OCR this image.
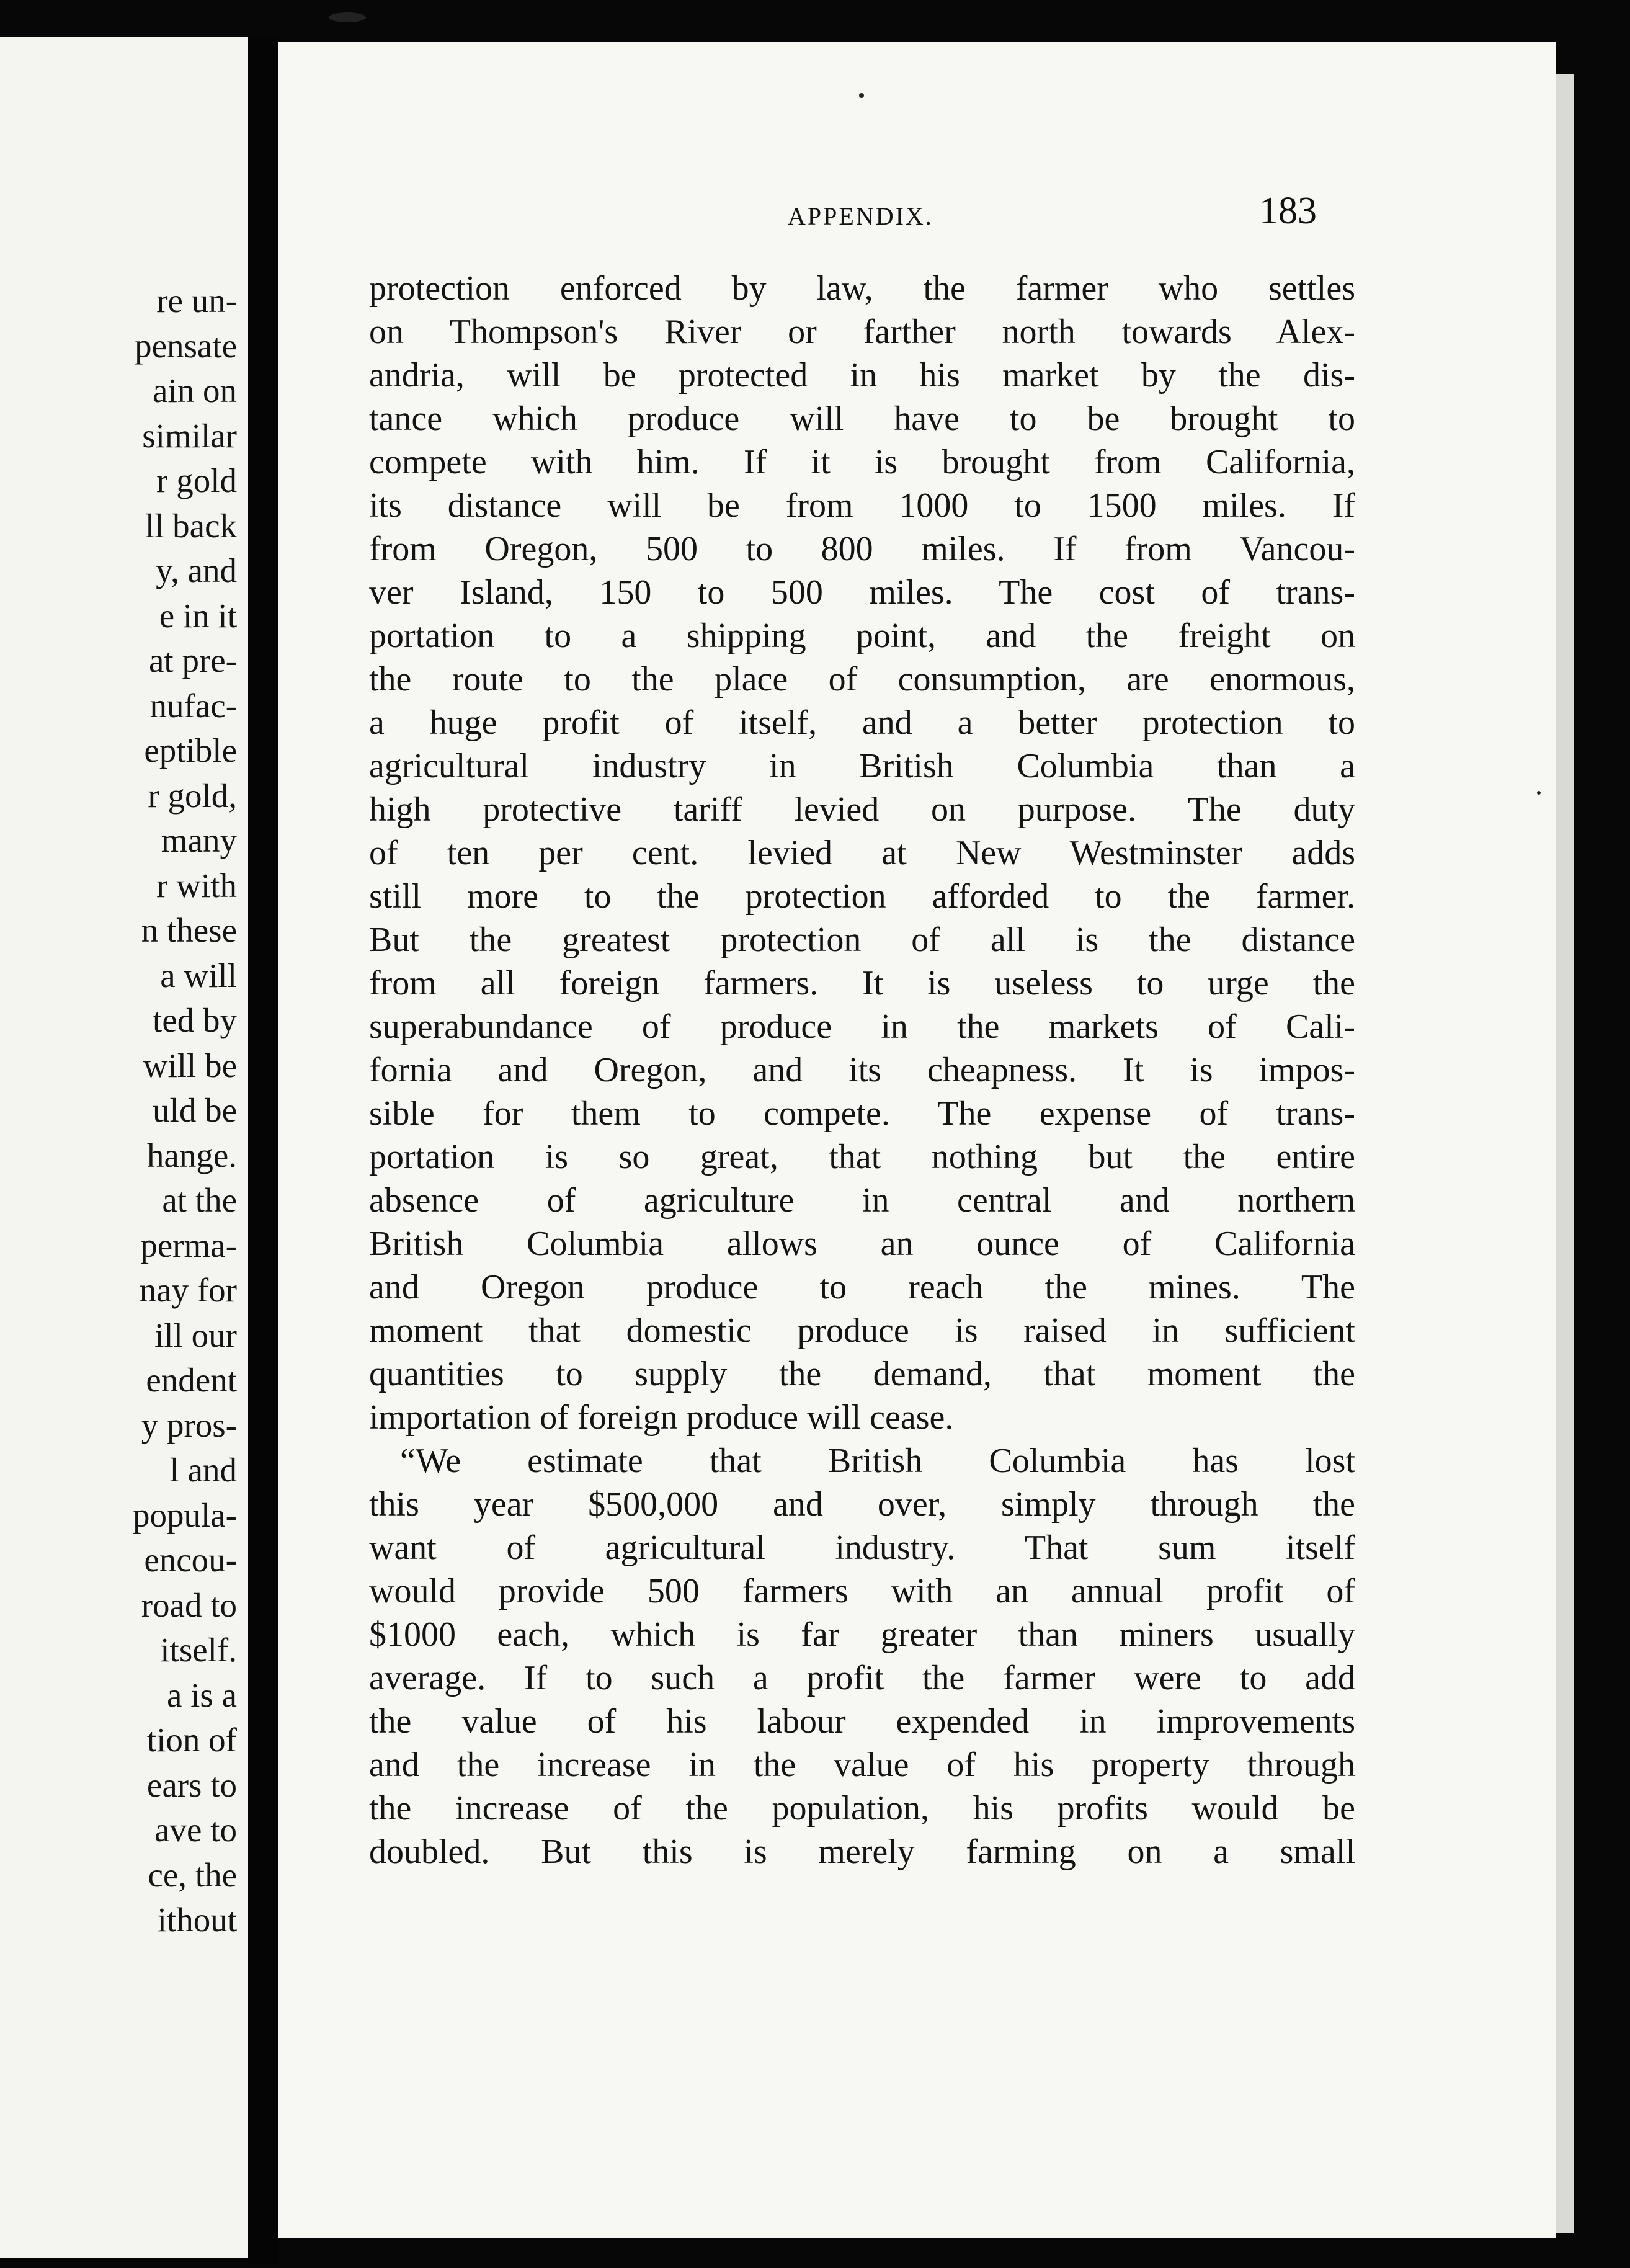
re un-
pensate
ain on
similar
r gold
ll back
y, and
e in it
at pre-
nufac-
eptible
r gold,
many
r with
n these
a will
ted by
will be
uld be
hange.
at the
perma-
nay for
ill our
endent
y pros-
l and
popula-
encou-
road to
itself.
a is a
tion of
ears to
ave to
ce, the
ithout
APPENDIX.	183
protection enforced by law, the farmer who settles
on Thompson's River or farther north towards Alex-
andria, will be protected in his market by the dis-
tance which produce will have to be brought to
compete with him. If it is brought from California,
its distance will be from 1000 to 1500 miles. If
from Oregon, 500 to 800 miles. If from Vancou-
ver Island, 150 to 500 miles. The cost of trans-
portation to a shipping point, and the freight on
the route to the place of consumption, are enormous,
a huge profit of itself, and a better protection to
agricultural industry in British Columbia than a
high protective tariff levied on purpose. The duty
of ten per cent. levied at New Westminster adds
still more to the protection afforded to the farmer.
But the greatest protection of all is the distance
from all foreign farmers. It is useless to urge the
superabundance of produce in the markets of Cali-
fornia and Oregon, and its cheapness. It is impos-
sible for them to compete. The expense of trans-
portation is so great, that nothing but the entire
absence of agriculture in central and northern
British Columbia allows an ounce of California
and Oregon produce to reach the mines. The
moment that domestic produce is raised in sufficient
quantities to supply the demand, that moment the
importation of foreign produce will cease.
“We estimate that British Columbia has lost
this year $500,000 and over, simply through the
want of agricultural industry. That sum itself
would provide 500 farmers with an annual profit of
$1000 each, which is far greater than miners usually
average. If to such a profit the farmer were to add
the value of his labour expended in improvements
and the increase in the value of his property through
the increase of the population, his profits would be
doubled. But this is merely farming on a small
